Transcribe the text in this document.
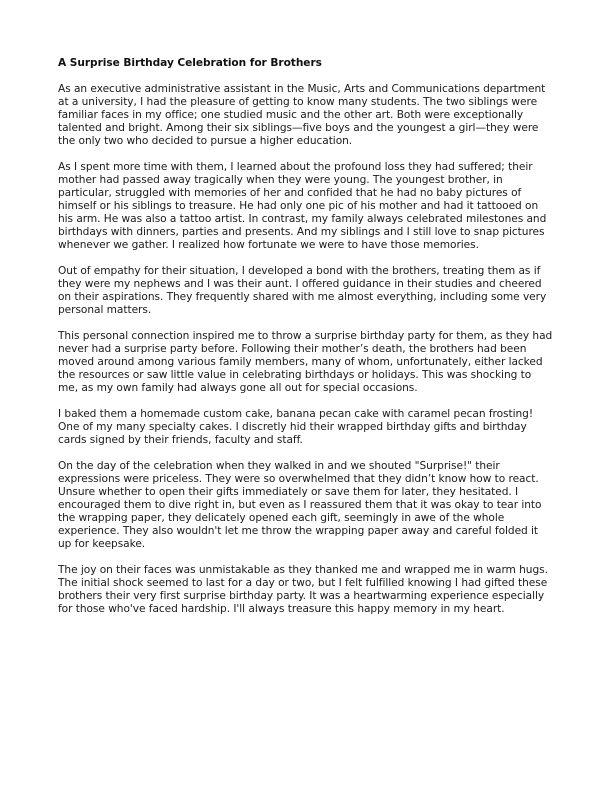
A Surprise Birthday Celebration for Brothers
As an executive administrative assistant in the Music, Arts and Communications department at a university, I had the pleasure of getting to know many students. The two siblings were familiar faces in my office; one studied music and the other art. Both were exceptionally talented and bright. Among their six siblings—five boys and the youngest a girl—they were the only two who decided to pursue a higher education.
As I spent more time with them, I learned about the profound loss they had suffered; their mother had passed away tragically when they were young. The youngest brother, in particular, struggled with memories of her and confided that he had no baby pictures of himself or his siblings to treasure. He had only one pic of his mother and had it tattooed on his arm. He was also a tattoo artist. In contrast, my family always celebrated milestones and birthdays with dinners, parties and presents. And my siblings and I still love to snap pictures whenever we gather. I realized how fortunate we were to have those memories.
Out of empathy for their situation, I developed a bond with the brothers, treating them as if they were my nephews and I was their aunt. I offered guidance in their studies and cheered on their aspirations. They frequently shared with me almost everything, including some very personal matters.
This personal connection inspired me to throw a surprise birthday party for them, as they had never had a surprise party before. Following their mother’s death, the brothers had been moved around among various family members, many of whom, unfortunately, either lacked the resources or saw little value in celebrating birthdays or holidays. This was shocking to me, as my own family had always gone all out for special occasions.
I baked them a homemade custom cake, banana pecan cake with caramel pecan frosting! One of my many specialty cakes. I discretly hid their wrapped birthday gifts and birthday cards signed by their friends, faculty and staff.
On the day of the celebration when they walked in and we shouted "Surprise!" their expressions were priceless. They were so overwhelmed that they didn’t know how to react. Unsure whether to open their gifts immediately or save them for later, they hesitated. I encouraged them to dive right in, but even as I reassured them that it was okay to tear into the wrapping paper, they delicately opened each gift, seemingly in awe of the whole experience. They also wouldn't let me throw the wrapping paper away and careful folded it up for keepsake.
The joy on their faces was unmistakable as they thanked me and wrapped me in warm hugs. The initial shock seemed to last for a day or two, but I felt fulfilled knowing I had gifted these brothers their very first surprise birthday party. It was a heartwarming experience especially for those who've faced hardship. I'll always treasure this happy memory in my heart.
